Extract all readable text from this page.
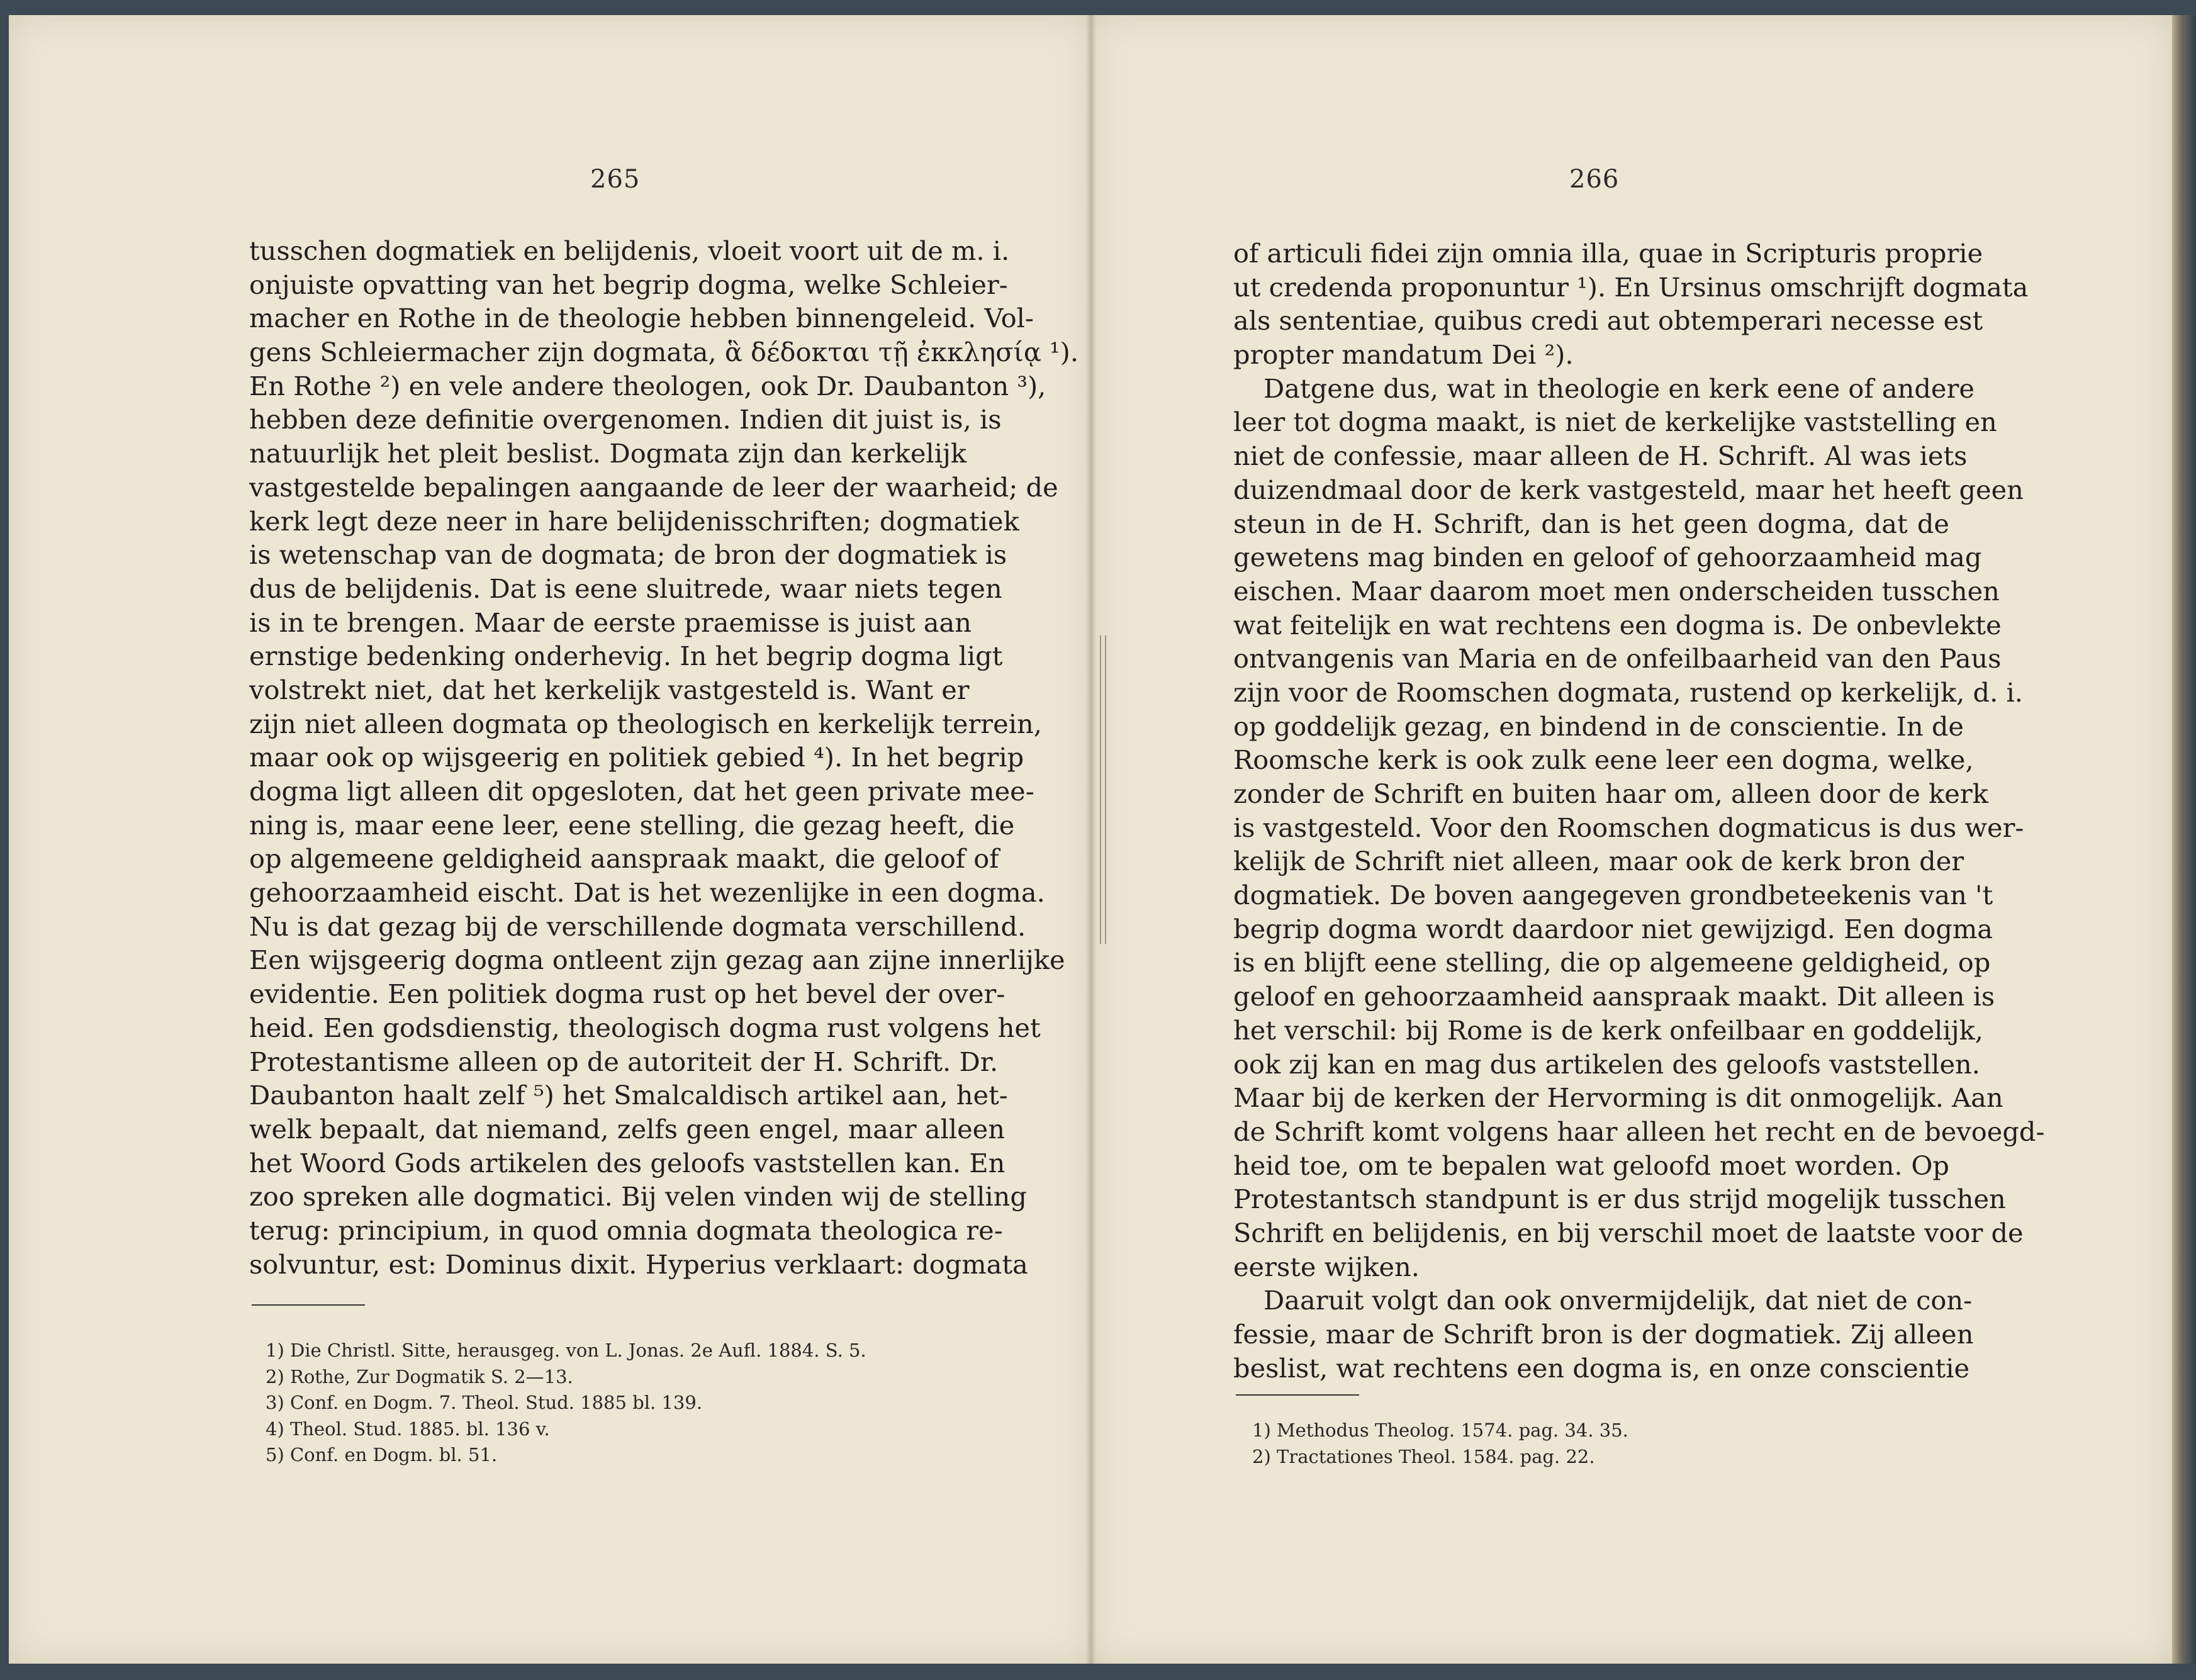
265	266
tusschen dogmatiek en belijdenis, vloeit voort uit de m. i.
onjuiste opvatting van het begrip dogma, welke Schleier-
macher en Rothe in de theologie hebben binnengeleid. Vol-
gens Schleiermacher zijn dogmata, ἃ δέδοκται τῇ ἐκκλησίᾳ ¹).
En Rothe ²) en vele andere theologen, ook Dr. Daubanton ³),
hebben deze definitie overgenomen. Indien dit juist is, is
natuurlijk het pleit beslist. Dogmata zijn dan kerkelijk
vastgestelde bepalingen aangaande de leer der waarheid; de
kerk legt deze neer in hare belijdenisschriften; dogmatiek
is wetenschap van de dogmata; de bron der dogmatiek is
dus de belijdenis. Dat is eene sluitrede, waar niets tegen
is in te brengen. Maar de eerste praemisse is juist aan
ernstige bedenking onderhevig. In het begrip dogma ligt
volstrekt niet, dat het kerkelijk vastgesteld is. Want er
zijn niet alleen dogmata op theologisch en kerkelijk terrein,
maar ook op wijsgeerig en politiek gebied ⁴). In het begrip
dogma ligt alleen dit opgesloten, dat het geen private mee-
ning is, maar eene leer, eene stelling, die gezag heeft, die
op algemeene geldigheid aanspraak maakt, die geloof of
gehoorzaamheid eischt. Dat is het wezenlijke in een dogma.
Nu is dat gezag bij de verschillende dogmata verschillend.
Een wijsgeerig dogma ontleent zijn gezag aan zijne innerlijke
evidentie. Een politiek dogma rust op het bevel der over-
heid. Een godsdienstig, theologisch dogma rust volgens het
Protestantisme alleen op de autoriteit der H. Schrift. Dr.
Daubanton haalt zelf ⁵) het Smalcaldisch artikel aan, het-
welk bepaalt, dat niemand, zelfs geen engel, maar alleen
het Woord Gods artikelen des geloofs vaststellen kan. En
zoo spreken alle dogmatici. Bij velen vinden wij de stelling
terug: principium, in quod omnia dogmata theologica re-
solvuntur, est: Dominus dixit. Hyperius verklaart: dogmata
1) Die Christl. Sitte, herausgeg. von L. Jonas. 2e Aufl. 1884. S. 5.
2) Rothe, Zur Dogmatik S. 2—13.
3) Conf. en Dogm. 7. Theol. Stud. 1885 bl. 139.
4) Theol. Stud. 1885. bl. 136 v.
5) Conf. en Dogm. bl. 51.
of articuli fidei zijn omnia illa, quae in Scripturis proprie
ut credenda proponuntur ¹). En Ursinus omschrijft dogmata
als sententiae, quibus credi aut obtemperari necesse est
propter mandatum Dei ²).
Datgene dus, wat in theologie en kerk eene of andere
leer tot dogma maakt, is niet de kerkelijke vaststelling en
niet de confessie, maar alleen de H. Schrift. Al was iets
duizendmaal door de kerk vastgesteld, maar het heeft geen
steun in de H. Schrift, dan is het geen dogma, dat de
gewetens mag binden en geloof of gehoorzaamheid mag
eischen. Maar daarom moet men onderscheiden tusschen
wat feitelijk en wat rechtens een dogma is. De onbevlekte
ontvangenis van Maria en de onfeilbaarheid van den Paus
zijn voor de Roomschen dogmata, rustend op kerkelijk, d. i.
op goddelijk gezag, en bindend in de conscientie. In de
Roomsche kerk is ook zulk eene leer een dogma, welke,
zonder de Schrift en buiten haar om, alleen door de kerk
is vastgesteld. Voor den Roomschen dogmaticus is dus wer-
kelijk de Schrift niet alleen, maar ook de kerk bron der
dogmatiek. De boven aangegeven grondbeteekenis van 't
begrip dogma wordt daardoor niet gewijzigd. Een dogma
is en blijft eene stelling, die op algemeene geldigheid, op
geloof en gehoorzaamheid aanspraak maakt. Dit alleen is
het verschil: bij Rome is de kerk onfeilbaar en goddelijk,
ook zij kan en mag dus artikelen des geloofs vaststellen.
Maar bij de kerken der Hervorming is dit onmogelijk. Aan
de Schrift komt volgens haar alleen het recht en de bevoegd-
heid toe, om te bepalen wat geloofd moet worden. Op
Protestantsch standpunt is er dus strijd mogelijk tusschen
Schrift en belijdenis, en bij verschil moet de laatste voor de
eerste wijken.
Daaruit volgt dan ook onvermijdelijk, dat niet de con-
fessie, maar de Schrift bron is der dogmatiek. Zij alleen
beslist, wat rechtens een dogma is, en onze conscientie
1) Methodus Theolog. 1574. pag. 34. 35.
2) Tractationes Theol. 1584. pag. 22.
